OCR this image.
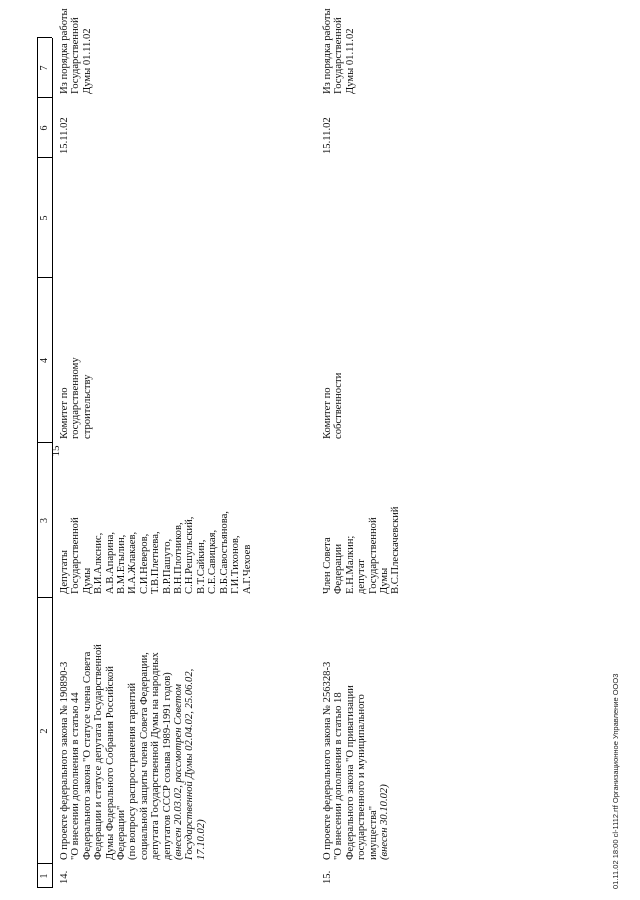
15
1
2
3
4
5
6
7
14.
О проекте федерального закона № 190890-3 "О внесении дополнения в статью 44 Федерального закона "О статусе члена Совета Федерации и статусе депутата Государственной Думы Федерального Собрания Российской Федерации" (по вопросу распространения гарантий социальной защиты члена Совета Федерации, депутата Государственной Думы на народных депутатов СССР созыва 1989-1991 годов) (внесен 20.03.02, рассмотрен Советом Государственной Думы 02.04.02, 25.06.02, 17.10.02)
Депутаты Государственной Думы В.И.Алкснис, А.В.Апарина, В.М.Етылин, И.А.Жлакаев, С.И.Неверов, Т.В.Плетнева, В.Р.Пашуто, В.Н.Плотников, С.Н.Решульский, В.Т.Сайкин, С.Е.Савицкая, В.Б.Савостьянова, Г.И.Тихонов, А.Г.Чехоев
Комитет по государственному строительству
15.11.02
Из порядка работы Государственной Думы 01.11.02
15.
О проекте федерального закона № 256328-3 "О внесении дополнения в статью 18 Федерального закона "О приватизации государственного и муниципального имущества" (внесен 30.10.02)
Член Совета Федерации Е.Н.Малкин; депутат Государственной Думы В.С.Плескачевский
Комитет по собственности
15.11.02
Из порядка работы Государственной Думы 01.11.02
01.11.02 18:00 cl-1112.rtf Организационное Управление ООО3
